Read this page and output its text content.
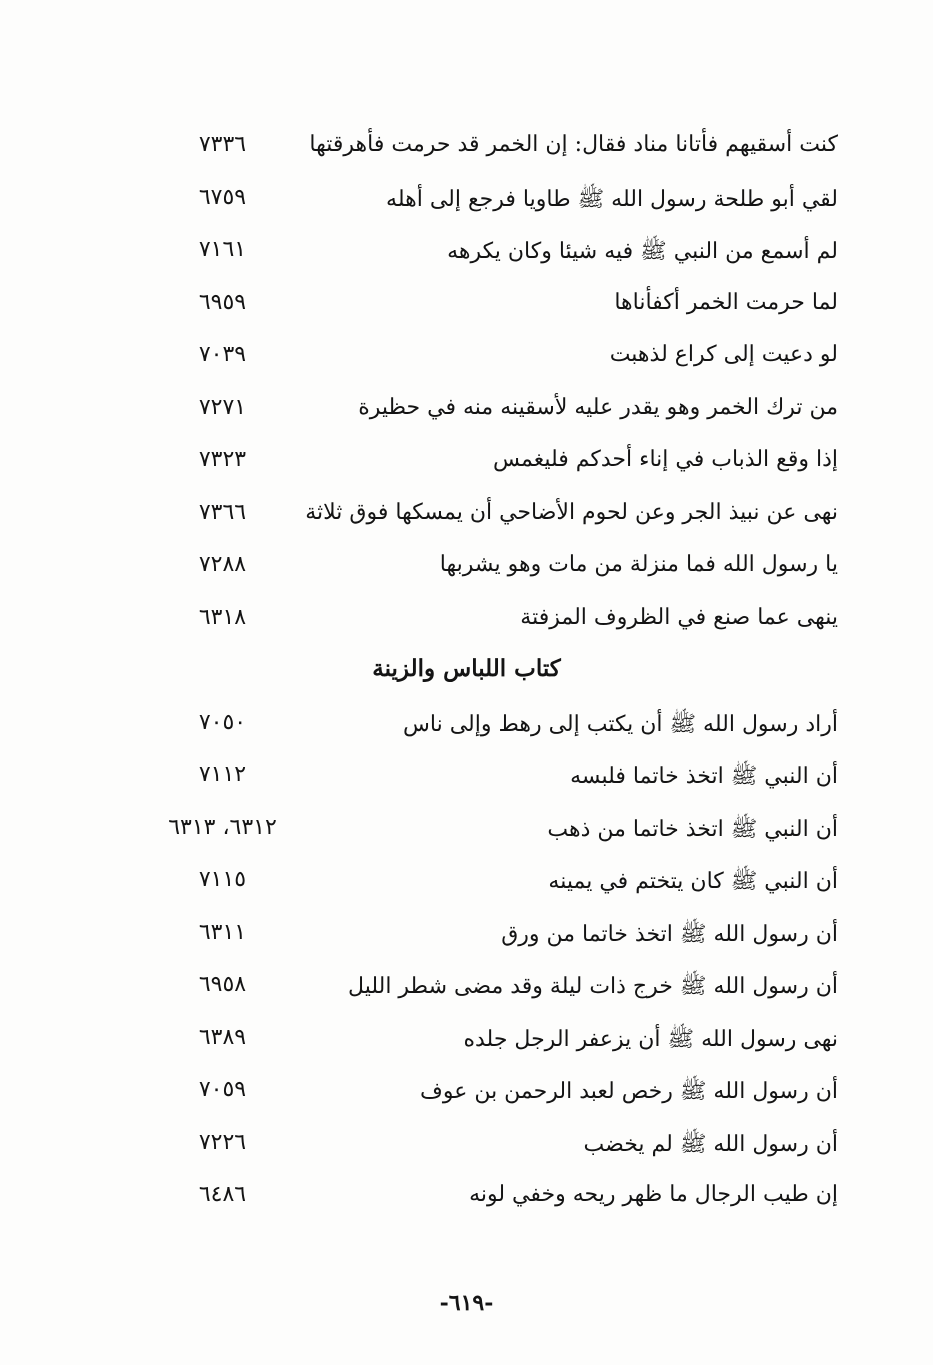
كنت أسقيهم فأتانا مناد فقال: إن الخمر قد حرمت فأهرقتها
٧٣٣٦
لقي أبو طلحة رسول الله ﷺ طاويا فرجع إلى أهله
٦٧٥٩
لم أسمع من النبي ﷺ فيه شيئا وكان يكرهه
٧١٦١
لما حرمت الخمر أكفأناها
٦٩٥٩
لو دعيت إلى كراع لذهبت
٧٠٣٩
من ترك الخمر وهو يقدر عليه لأسقينه منه في حظيرة
٧٢٧١
إذا وقع الذباب في إناء أحدكم فليغمس
٧٣٢٣
نهى عن نبيذ الجر وعن لحوم الأضاحي أن يمسكها فوق ثلاثة
٧٣٦٦
يا رسول الله فما منزلة من مات وهو يشربها
٧٢٨٨
ينهى عما صنع في الظروف المزفتة
٦٣١٨
كتاب اللباس والزينة
أراد رسول الله ﷺ أن يكتب إلى رهط وإلى ناس
٧٠٥٠
أن النبي ﷺ اتخذ خاتما فلبسه
٧١١٢
أن النبي ﷺ اتخذ خاتما من ذهب
٦٣١٢، ٦٣١٣
أن النبي ﷺ كان يتختم في يمينه
٧١١٥
أن رسول الله ﷺ اتخذ خاتما من ورق
٦٣١١
أن رسول الله ﷺ خرج ذات ليلة وقد مضى شطر الليل
٦٩٥٨
نهى رسول الله ﷺ أن يزعفر الرجل جلده
٦٣٨٩
أن رسول الله ﷺ رخص لعبد الرحمن بن عوف
٧٠٥٩
أن رسول الله ﷺ لم يخضب
٧٢٢٦
إن طيب الرجال ما ظهر ريحه وخفي لونه
٦٤٨٦
-٦١٩-
